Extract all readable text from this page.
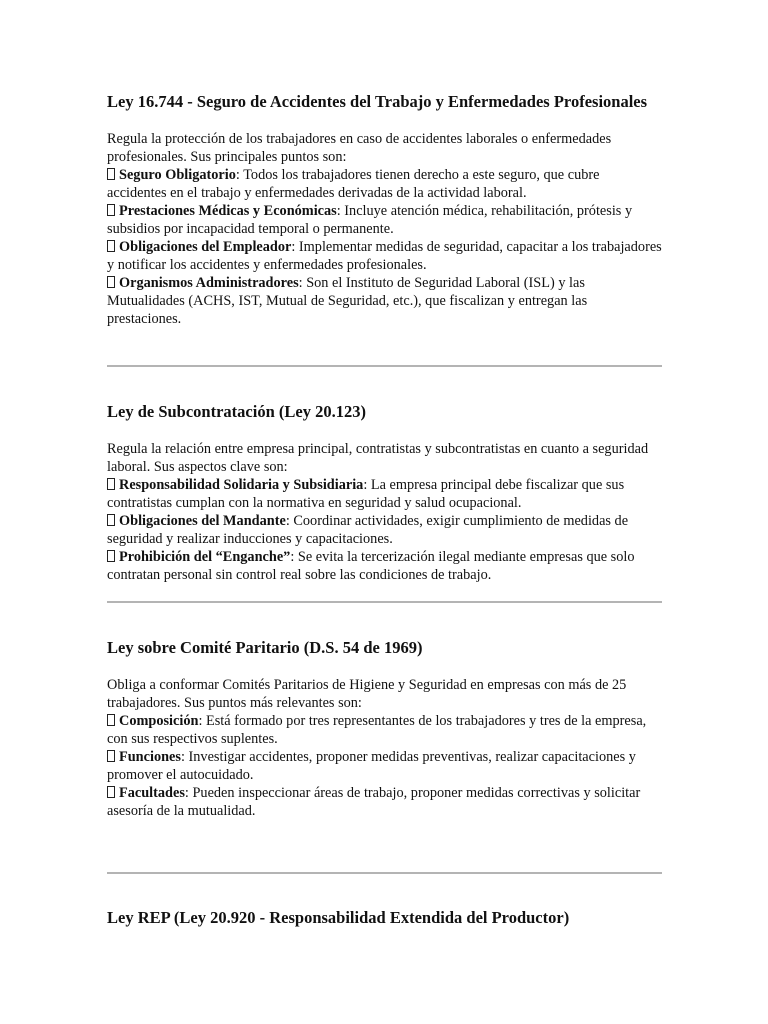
Ley 16.744 - Seguro de Accidentes del Trabajo y Enfermedades Profesionales

Regula la protección de los trabajadores en caso de accidentes laborales o enfermedades profesionales. Sus principales puntos son:

Seguro Obligatorio: Todos los trabajadores tienen derecho a este seguro, que cubre accidentes en el trabajo y enfermedades derivadas de la actividad laboral.

Prestaciones Médicas y Económicas: Incluye atención médica, rehabilitación, prótesis y subsidios por incapacidad temporal o permanente.

Obligaciones del Empleador: Implementar medidas de seguridad, capacitar a los trabajadores y notificar los accidentes y enfermedades profesionales.

Organismos Administradores: Son el Instituto de Seguridad Laboral (ISL) y las Mutualidades (ACHS, IST, Mutual de Seguridad, etc.), que fiscalizan y entregan las prestaciones.

Ley de Subcontratación (Ley 20.123)

Regula la relación entre empresa principal, contratistas y subcontratistas en cuanto a seguridad laboral. Sus aspectos clave son:

Responsabilidad Solidaria y Subsidiaria: La empresa principal debe fiscalizar que sus contratistas cumplan con la normativa en seguridad y salud ocupacional.

Obligaciones del Mandante: Coordinar actividades, exigir cumplimiento de medidas de seguridad y realizar inducciones y capacitaciones.

Prohibición del “Enganche”: Se evita la tercerización ilegal mediante empresas que solo contratan personal sin control real sobre las condiciones de trabajo.

Ley sobre Comité Paritario (D.S. 54 de 1969)

Obliga a conformar Comités Paritarios de Higiene y Seguridad en empresas con más de 25 trabajadores. Sus puntos más relevantes son:

Composición: Está formado por tres representantes de los trabajadores y tres de la empresa, con sus respectivos suplentes.

Funciones: Investigar accidentes, proponer medidas preventivas, realizar capacitaciones y promover el autocuidado.

Facultades: Pueden inspeccionar áreas de trabajo, proponer medidas correctivas y solicitar asesoría de la mutualidad.

Ley REP (Ley 20.920 - Responsabilidad Extendida del Productor)
